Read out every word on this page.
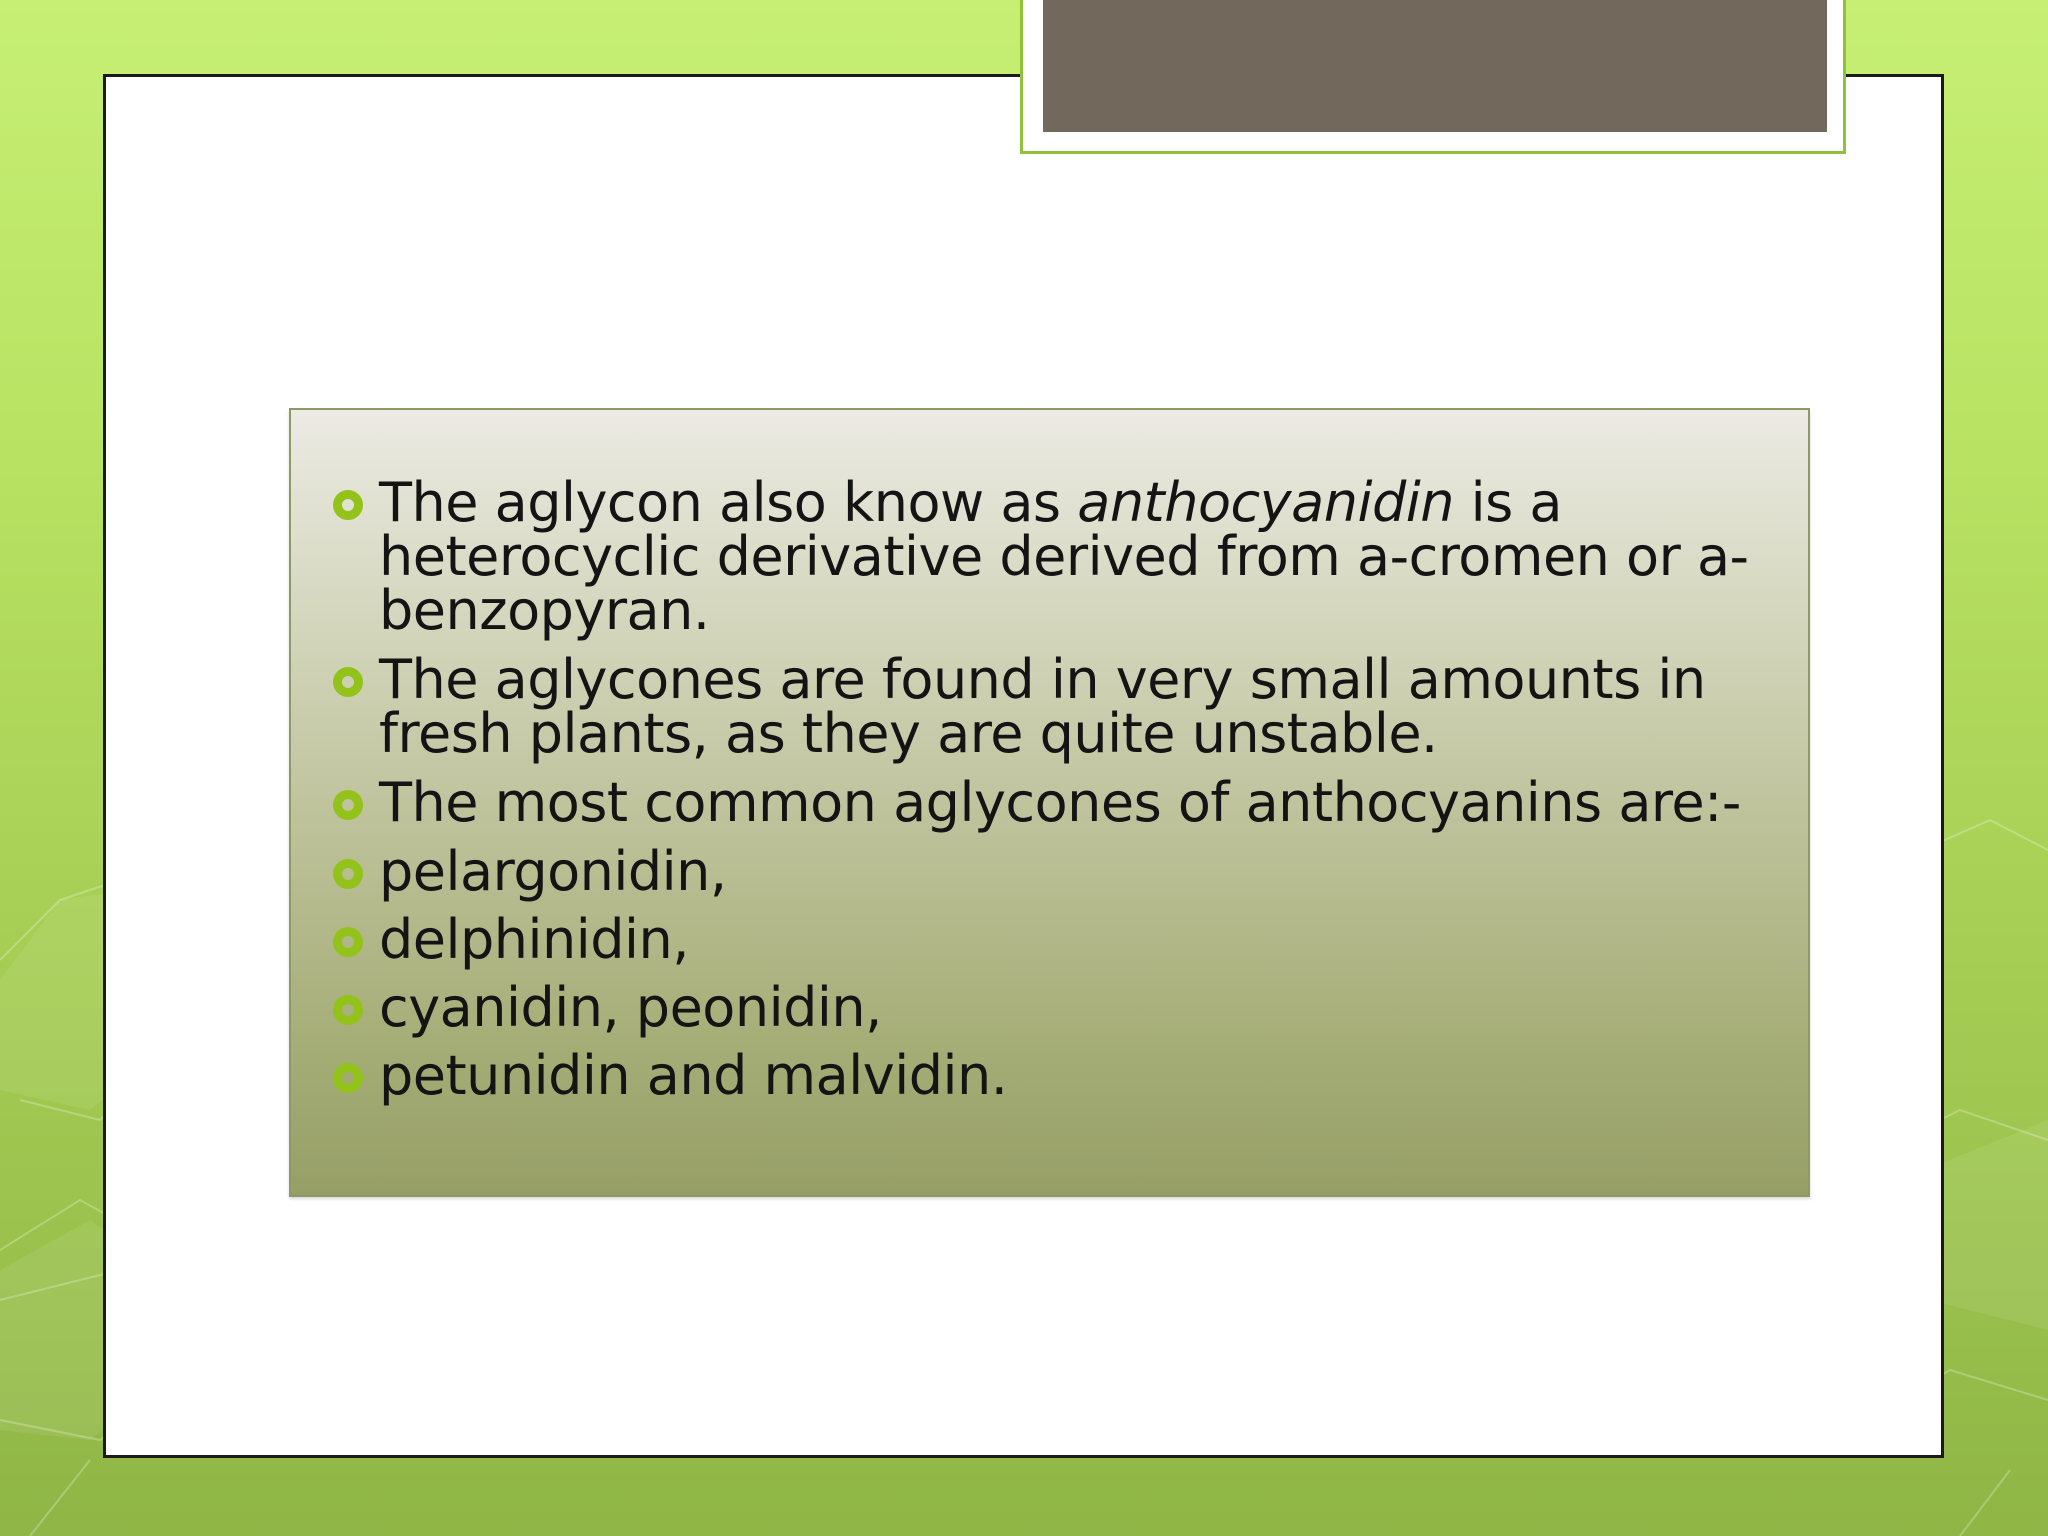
The aglycon also know as anthocyanidin is a heterocyclic derivative derived from a-cromen or a-benzopyran.
The aglycones are found in very small amounts in fresh plants, as they are quite unstable.
The most common aglycones of anthocyanins are:-
pelargonidin,
delphinidin,
cyanidin, peonidin,
petunidin and malvidin.
